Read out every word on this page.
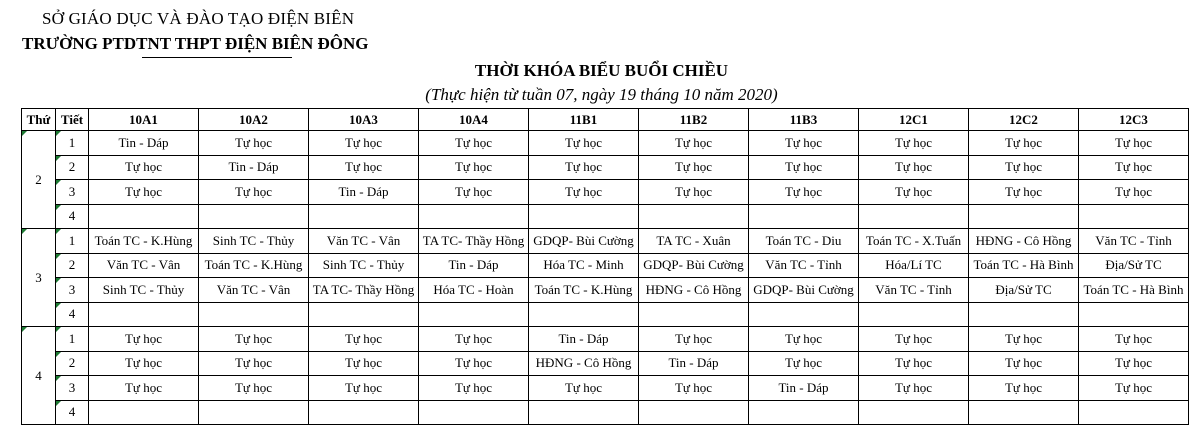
SỞ GIÁO DỤC VÀ ĐÀO TẠO ĐIỆN BIÊN
TRƯỜNG PTDTNT THPT ĐIỆN BIÊN ĐÔNG
THỜI KHÓA BIỂU BUỔI CHIỀU
(Thực hiện từ tuần 07, ngày 19 tháng 10 năm 2020)
Thứ	Tiết	10A1	10A2	10A3	10A4	11B1	11B2	11B3	12C1	12C2	12C3
2	1	Tin - Dáp	Tự học	Tự học	Tự học	Tự học	Tự học	Tự học	Tự học	Tự học	Tự học
	2	Tự học	Tin - Dáp	Tự học	Tự học	Tự học	Tự học	Tự học	Tự học	Tự học	Tự học
	3	Tự học	Tự học	Tin - Dáp	Tự học	Tự học	Tự học	Tự học	Tự học	Tự học	Tự học
	4										
3	1	Toán TC - K.Hùng	Sinh TC - Thủy	Văn TC - Vân	TA TC- Thầy Hồng	GDQP- Bùi Cường	TA TC - Xuân	Toán TC - Diu	Toán TC - X.Tuấn	HĐNG - Cô Hồng	Văn TC - Tỉnh
	2	Văn TC - Vân	Toán TC - K.Hùng	Sinh TC - Thủy	Tin - Dáp	Hóa TC - Minh	GDQP- Bùi Cường	Văn TC - Tỉnh	Hóa/Lí TC	Toán TC - Hà Bình	Địa/Sử TC
	3	Sinh TC - Thủy	Văn TC - Vân	TA TC- Thầy Hồng	Hóa TC - Hoàn	Toán TC - K.Hùng	HĐNG - Cô Hồng	GDQP- Bùi Cường	Văn TC - Tỉnh	Địa/Sử TC	Toán TC - Hà Bình
	4										
4	1	Tự học	Tự học	Tự học	Tự học	Tin - Dáp	Tự học	Tự học	Tự học	Tự học	Tự học
	2	Tự học	Tự học	Tự học	Tự học	HĐNG - Cô Hồng	Tin - Dáp	Tự học	Tự học	Tự học	Tự học
	3	Tự học	Tự học	Tự học	Tự học	Tự học	Tự học	Tin - Dáp	Tự học	Tự học	Tự học
	4										
